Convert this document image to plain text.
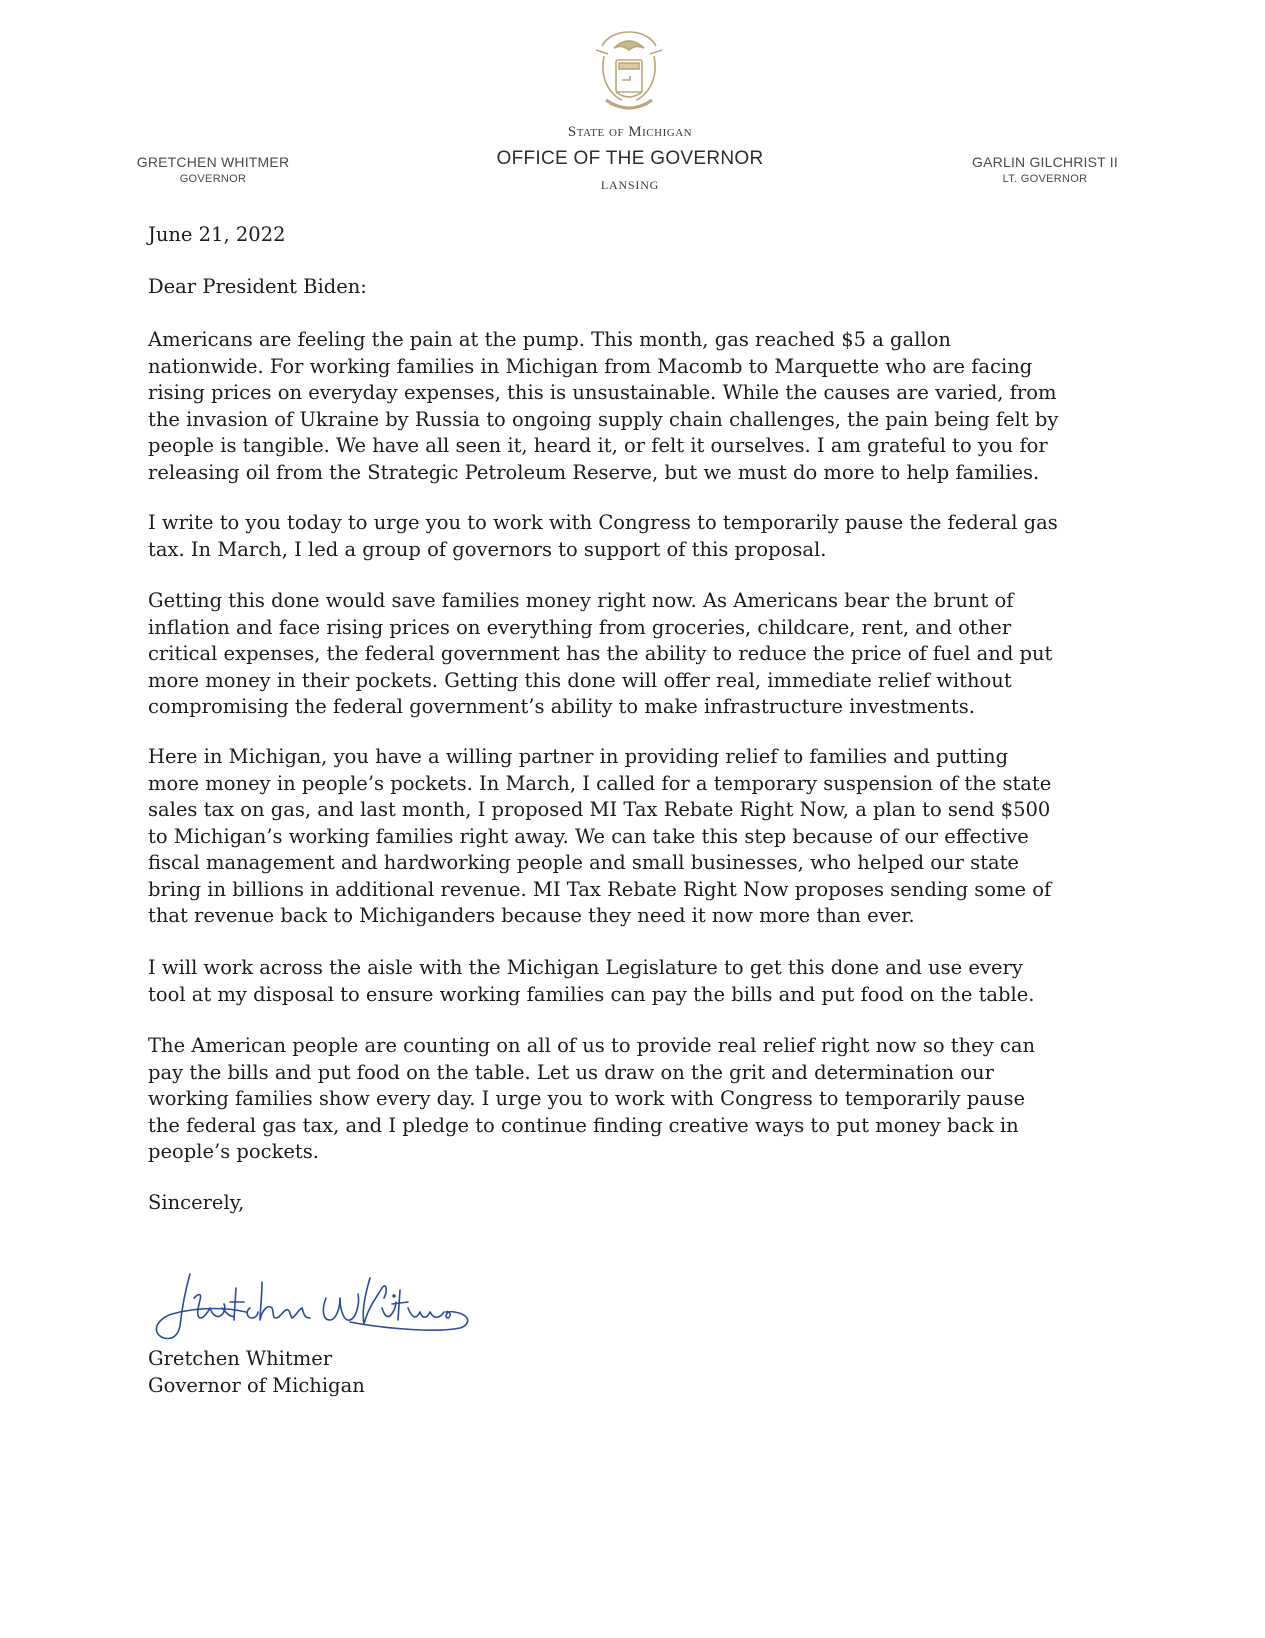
State of Michigan
OFFICE OF THE GOVERNOR
LANSING
GRETCHEN WHITMER
GOVERNOR
GARLIN GILCHRIST II
LT. GOVERNOR
June 21, 2022
Dear President Biden:
Americans are feeling the pain at the pump. This month, gas reached $5 a gallon
nationwide. For working families in Michigan from Macomb to Marquette who are facing
rising prices on everyday expenses, this is unsustainable. While the causes are varied, from
the invasion of Ukraine by Russia to ongoing supply chain challenges, the pain being felt by
people is tangible. We have all seen it, heard it, or felt it ourselves. I am grateful to you for
releasing oil from the Strategic Petroleum Reserve, but we must do more to help families.
I write to you today to urge you to work with Congress to temporarily pause the federal gas
tax. In March, I led a group of governors to support of this proposal.
Getting this done would save families money right now. As Americans bear the brunt of
inflation and face rising prices on everything from groceries, childcare, rent, and other
critical expenses, the federal government has the ability to reduce the price of fuel and put
more money in their pockets. Getting this done will offer real, immediate relief without
compromising the federal government’s ability to make infrastructure investments.
Here in Michigan, you have a willing partner in providing relief to families and putting
more money in people’s pockets. In March, I called for a temporary suspension of the state
sales tax on gas, and last month, I proposed MI Tax Rebate Right Now, a plan to send $500
to Michigan’s working families right away. We can take this step because of our effective
fiscal management and hardworking people and small businesses, who helped our state
bring in billions in additional revenue. MI Tax Rebate Right Now proposes sending some of
that revenue back to Michiganders because they need it now more than ever.
I will work across the aisle with the Michigan Legislature to get this done and use every
tool at my disposal to ensure working families can pay the bills and put food on the table.
The American people are counting on all of us to provide real relief right now so they can
pay the bills and put food on the table. Let us draw on the grit and determination our
working families show every day. I urge you to work with Congress to temporarily pause
the federal gas tax, and I pledge to continue finding creative ways to put money back in
people’s pockets.
Sincerely,
Gretchen Whitmer
Governor of Michigan
